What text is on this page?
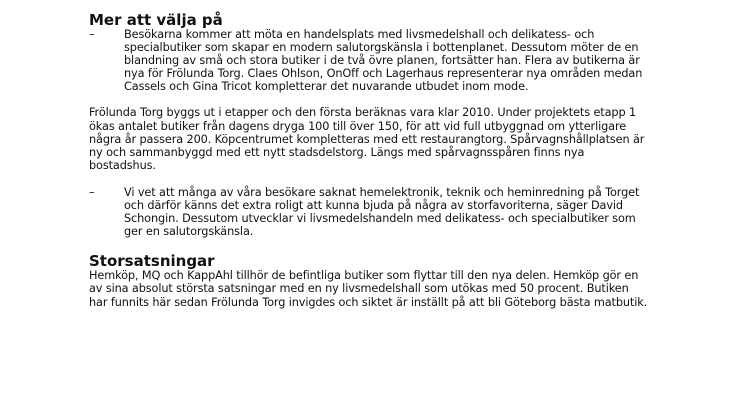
Mer att välja på
–	Besökarna kommer att möta en handelsplats med livsmedelshall och delikatess- och specialbutiker som skapar en modern salutorgskänsla i bottenplanet. Dessutom möter de en blandning av små och stora butiker i de två övre planen, fortsätter han. Flera av butikerna är nya för Frölunda Torg. Claes Ohlson, OnOff och Lagerhaus representerar nya områden medan Cassels och Gina Tricot kompletterar det nuvarande utbudet inom mode.

Frölunda Torg byggs ut i etapper och den första beräknas vara klar 2010. Under projektets etapp 1 ökas antalet butiker från dagens dryga 100 till över 150, för att vid full utbyggnad om ytterligare några år passera 200. Köpcentrumet kompletteras med ett restaurangtorg. Spårvagnshållplatsen är ny och sammanbyggd med ett nytt stadsdelstorg. Längs med spårvagnsspåren finns nya bostadshus.

–	Vi vet att många av våra besökare saknat hemelektronik, teknik och heminredning på Torget och därför känns det extra roligt att kunna bjuda på några av storfavoriterna, säger David Schongin. Dessutom utvecklar vi livsmedelshandeln med delikatess- och specialbutiker som ger en salutorgskänsla.
Storsatsningar

Hemköp, MQ och KappAhl tillhör de befintliga butiker som flyttar till den nya delen. Hemköp gör en av sina absolut största satsningar med en ny livsmedelshall som utökas med 50 procent. Butiken har funnits här sedan Frölunda Torg invigdes och siktet är inställt på att bli Göteborg bästa matbutik.
